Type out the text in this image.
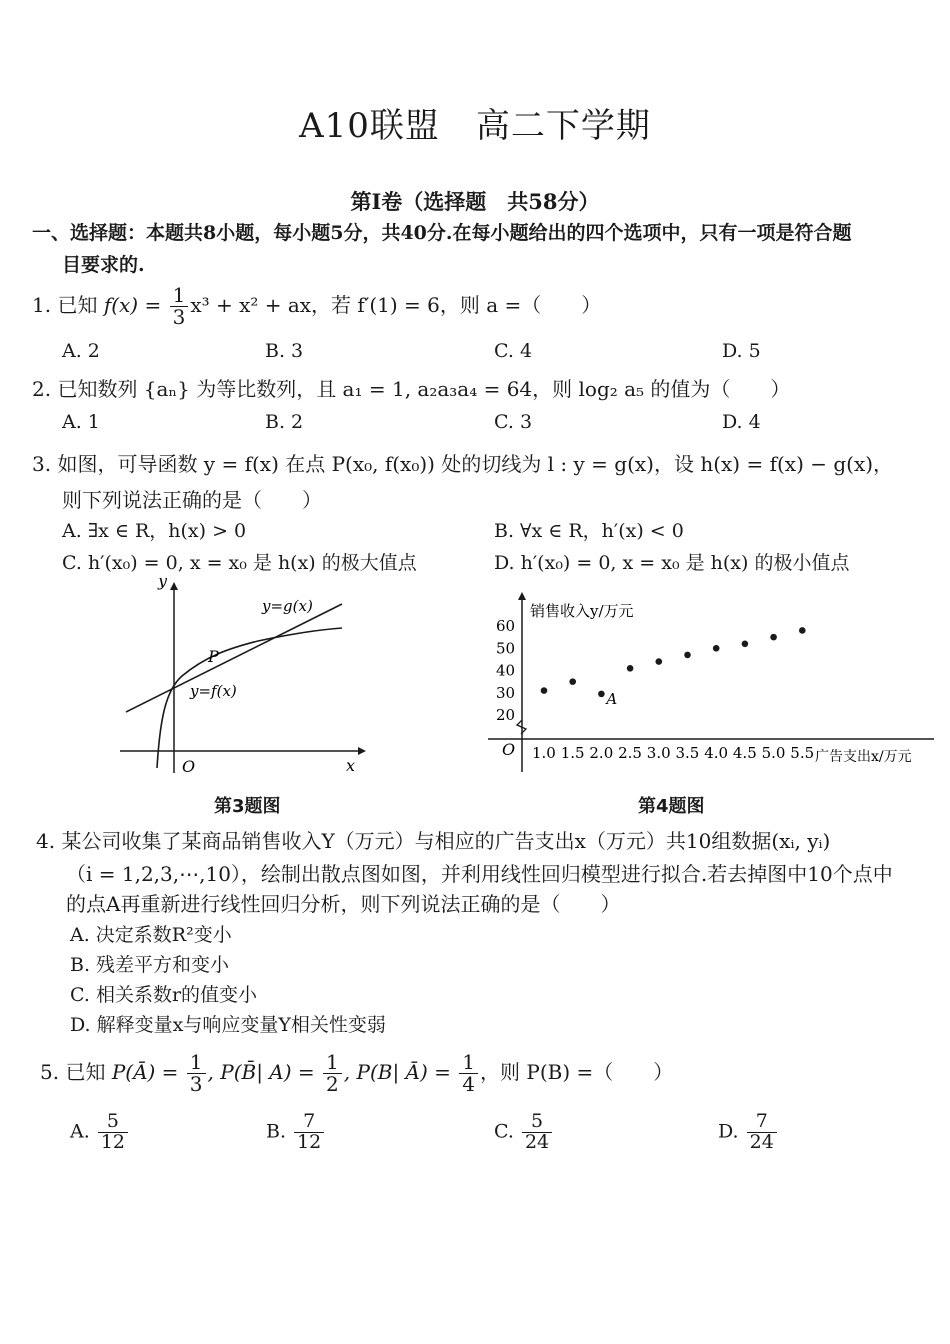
A10联盟 高二下学期
第Ⅰ卷（选择题　共58分）
一、选择题：本题共8小题，每小题5分，共40分.在每小题给出的四个选项中，只有一项是符合题
目要求的.
1. 已知 $f(x) = \frac{1}{3} x^3 + x^2$ + ax，若 f′(1) = 6，则 a =（　　）
A. 2	B. 3	C. 4	D. 5
2. 已知数列 {aₙ} 为等比数列，且 a₁ = 1, a₂a₃a₄ = 64，则 log₂ a₅ 的值为（　　）
A. 1	B. 2	C. 3	D. 4
3. 如图，可导函数 y = f(x) 在点 P(x₀, f(x₀)) 处的切线为 l : y = g(x)，设 h(x) = f(x) − g(x)，
则下列说法正确的是（　　）
A. ∃x ∈ R，h(x) > 0	B. ∀x ∈ R，h′(x) < 0
C. h′(x₀) = 0, x = x₀ 是 h(x) 的极大值点	D. h′(x₀) = 0, x = x₀ 是 h(x) 的极小值点
y
x
O
y=g(x)
y=f(x)
P
第3题图
O
销售收入y/万元
广告支出x/万元
1.0 1.5 2.0 2.5 3.0 3.5 4.0 4.5 5.0 5.5
20
30
40
50
60
A
第4题图
4. 某公司收集了某商品销售收入Y（万元）与相应的广告支出x（万元）共10组数据(xᵢ, yᵢ)
（i = 1,2,3,⋯,10），绘制出散点图如图，并利用线性回归模型进行拟合.若去掉图中10个点中
的点A再重新进行线性回归分析，则下列说法正确的是（　　）
A. 决定系数R²变小
B. 残差平方和变小
C. 相关系数r的值变小
D. 解释变量x与响应变量Y相关性变弱
5. 已知 P(Ā) = $\frac{1}{3}$ , P(B̄| $A) = \frac{1}{2}$ , P(B| Ā) = $\frac{1}{4}$ ，则 P(B) =（　　）
A. $\frac{5}{12}$	B. $\frac{7}{12}$	C. $\frac{5}{24}$	D. $\frac{7}{24}$
